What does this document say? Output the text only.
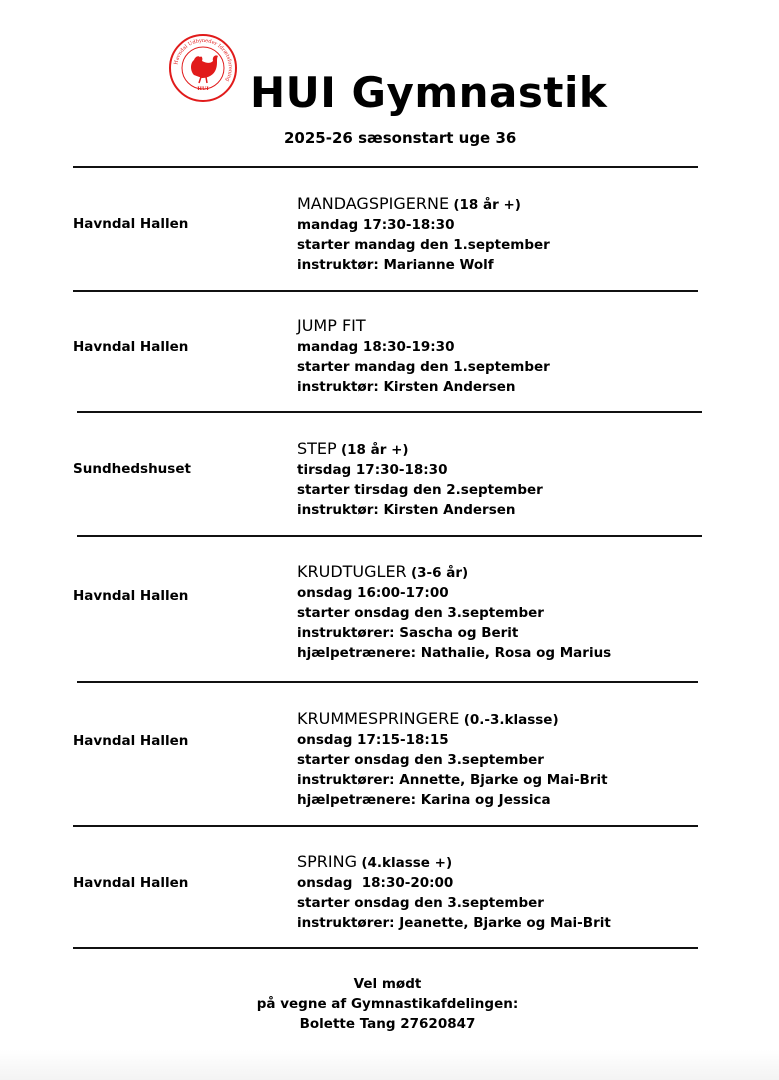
Havndal Udbyneder Idrætsforening
HUI HUI Gymnastik
2025-26 sæsonstart uge 36
Havndal Hallen
MANDAGSPIGERNE (18 år +)
mandag 17:30-18:30
starter mandag den 1.september
instruktør: Marianne Wolf
Havndal Hallen
JUMP FIT
mandag 18:30-19:30
starter mandag den 1.september
instruktør: Kirsten Andersen
Sundhedshuset
STEP (18 år +)
tirsdag 17:30-18:30
starter tirsdag den 2.september
instruktør: Kirsten Andersen
Havndal Hallen
KRUDTUGLER (3-6 år)
onsdag 16:00-17:00
starter onsdag den 3.september
instruktører: Sascha og Berit
hjælpetrænere: Nathalie, Rosa og Marius
Havndal Hallen
KRUMMESPRINGERE (0.-3.klasse)
onsdag 17:15-18:15
starter onsdag den 3.september
instruktører: Annette, Bjarke og Mai-Brit
hjælpetrænere: Karina og Jessica
Havndal Hallen
SPRING (4.klasse +)
onsdag  18:30-20:00
starter onsdag den 3.september
instruktører: Jeanette, Bjarke og Mai-Brit
Vel mødt
på vegne af Gymnastikafdelingen:
Bolette Tang 27620847
